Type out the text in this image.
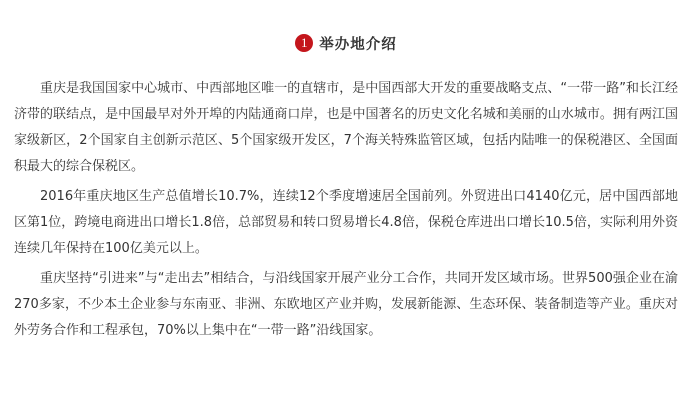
1 举办地介绍

重庆是我国国家中心城市、中西部地区唯一的直辖市，是中国西部大开发的重要战略支点、“一带一路”和长江经济带的联结点，是中国最早对外开埠的内陆通商口岸，也是中国著名的历史文化名城和美丽的山水城市。拥有两江国家级新区，2个国家自主创新示范区、5个国家级开发区，7个海关特殊监管区域，包括内陆唯一的保税港区、全国面积最大的综合保税区。

2016年重庆地区生产总值增长10.7%，连续12个季度增速居全国前列。外贸进出口4140亿元，居中国西部地区第1位，跨境电商进出口增长1.8倍，总部贸易和转口贸易增长4.8倍，保税仓库进出口增长10.5倍，实际利用外资连续几年保持在100亿美元以上。

重庆坚持“引进来”与“走出去”相结合，与沿线国家开展产业分工合作，共同开发区域市场。世界500强企业在渝270多家，不少本土企业参与东南亚、非洲、东欧地区产业并购，发展新能源、生态环保、装备制造等产业。重庆对外劳务合作和工程承包，70%以上集中在“一带一路”沿线国家。
